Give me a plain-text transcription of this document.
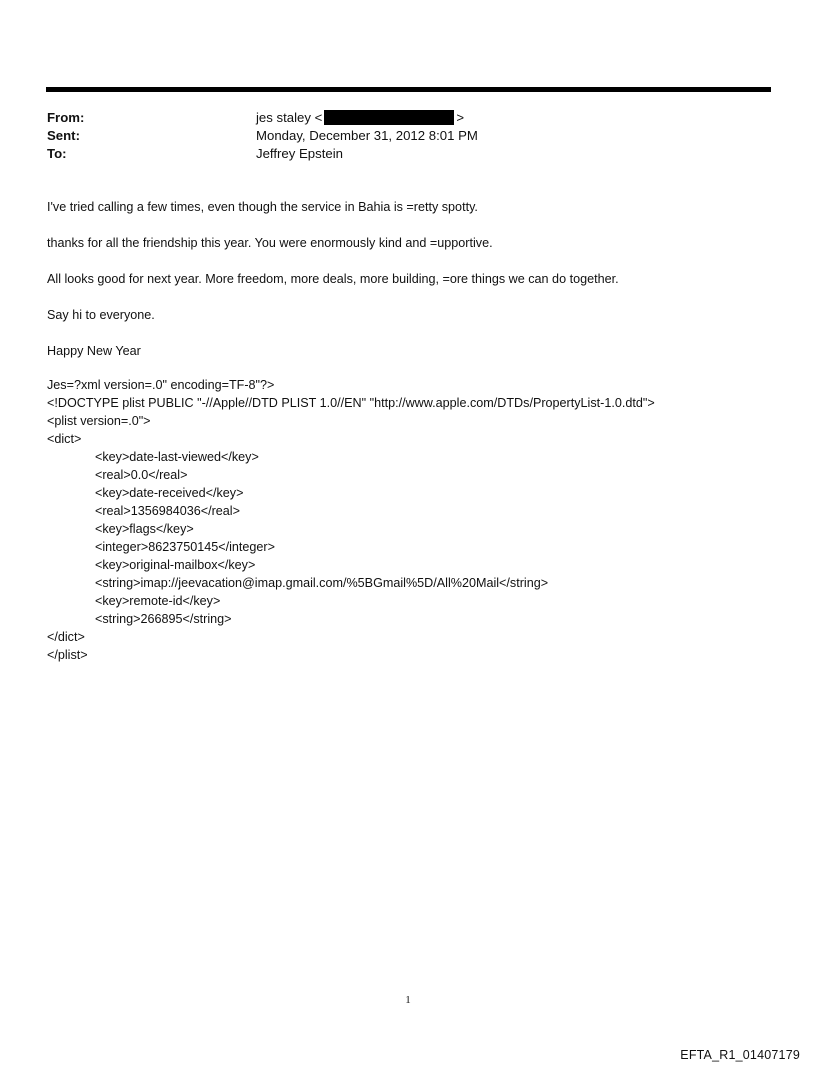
From:	jes staley <	>
Sent:	Monday, December 31, 2012 8:01 PM
To:	Jeffrey Epstein

I've tried calling a few times, even though the service in Bahia is =retty spotty.

thanks for all the friendship this year. You were enormously kind and =upportive.

All looks good for next year. More freedom, more deals, more building, =ore things we can do together.

Say hi to everyone.

Happy New Year

Jes=?xml version=.0" encoding=TF-8"?>
<!DOCTYPE plist PUBLIC "-//Apple//DTD PLIST 1.0//EN" "http://www.apple.com/DTDs/PropertyList-1.0.dtd">
<plist version=.0">
<dict>
<key>date-last-viewed</key>
<real>0.0</real>
<key>date-received</key>
<real>1356984036</real>
<key>flags</key>
<integer>8623750145</integer>
<key>original-mailbox</key>
<string>imap://jeevacation@imap.gmail.com/%5BGmail%5D/All%20Mail</string>
<key>remote-id</key>
<string>266895</string>
</dict>
</plist>
1
EFTA_R1_01407179
